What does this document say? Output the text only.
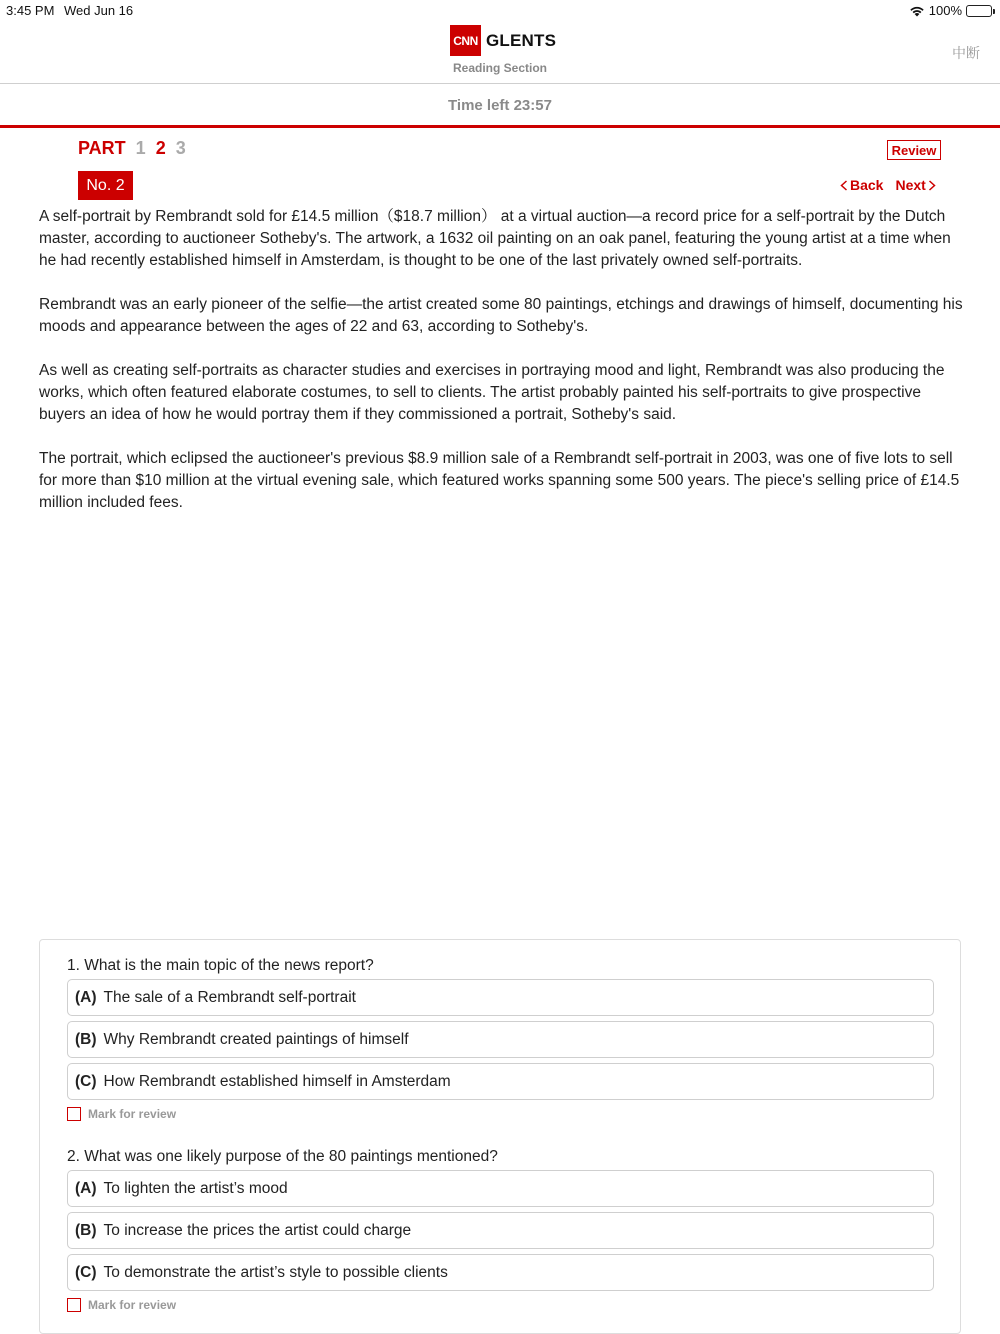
3:45 PM Wed Jun 16	100%
CNN GLENTS
Reading Section
中断
Time left 23:57
PART 1 2 3	Review
No. 2	Back Next

A self-portrait by Rembrandt sold for £14.5 million（$18.7 million） at a virtual auction—a record price for a self-portrait by the Dutch master, according to auctioneer Sotheby's. The artwork, a 1632 oil painting on an oak panel, featuring the young artist at a time when he had recently established himself in Amsterdam, is thought to be one of the last privately owned self-portraits.

Rembrandt was an early pioneer of the selfie—the artist created some 80 paintings, etchings and drawings of himself, documenting his moods and appearance between the ages of 22 and 63, according to Sotheby's.

As well as creating self-portraits as character studies and exercises in portraying mood and light, Rembrandt was also producing the works, which often featured elaborate costumes, to sell to clients. The artist probably painted his self-portraits to give prospective buyers an idea of how he would portray them if they commissioned a portrait, Sotheby's said.

The portrait, which eclipsed the auctioneer's previous $8.9 million sale of a Rembrandt self-portrait in 2003, was one of five lots to sell for more than $10 million at the virtual evening sale, which featured works spanning some 500 years. The piece's selling price of £14.5 million included fees.

1. What is the main topic of the news report?
(A) The sale of a Rembrandt self-portrait
(B) Why Rembrandt created paintings of himself
(C) How Rembrandt established himself in Amsterdam
Mark for review
2. What was one likely purpose of the 80 paintings mentioned?
(A) To lighten the artist’s mood
(B) To increase the prices the artist could charge
(C) To demonstrate the artist’s style to possible clients
Mark for review
